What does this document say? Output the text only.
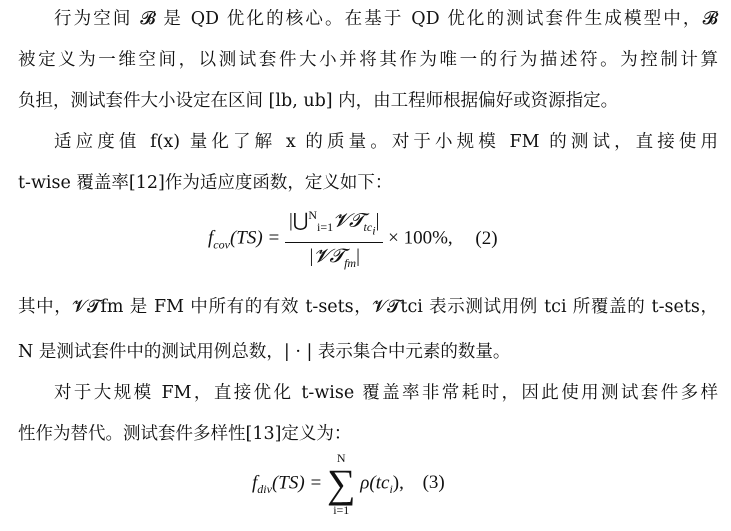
行为空间 𝓑 是 QD 优化的核心。在基于 QD 优化的测试套件生成模型中，𝓑
被定义为一维空间，以测试套件大小并将其作为唯一的行为描述符。为控制计算
负担，测试套件大小设定在区间 [lb, ub] 内，由工程师根据偏好或资源指定。
适应度值 f(x) 量化了解 x 的质量。对于小规模 FM 的测试，直接使用
t-wise 覆盖率[12]作为适应度函数，定义如下：
$f_{cov}(TS) = \frac{|⋃^N_{i=1}𝓥𝓣_{tc_i}|}{|𝓥𝓣_{fm}|} \times 100\%$, (2)
其中，𝓥𝓣fm 是 FM 中所有的有效 t-sets，𝓥𝓣tci 表示测试用例 tci 所覆盖的 t-sets，
N 是测试套件中的测试用例总数，| · | 表示集合中元素的数量。
对于大规模 FM，直接优化 t-wise 覆盖率非常耗时，因此使用测试套件多样
性作为替代。测试套件多样性[13]定义为：
$f_{div}(TS)$ =
N
∑
i=1
$\rho(tc_i)$, (3)
